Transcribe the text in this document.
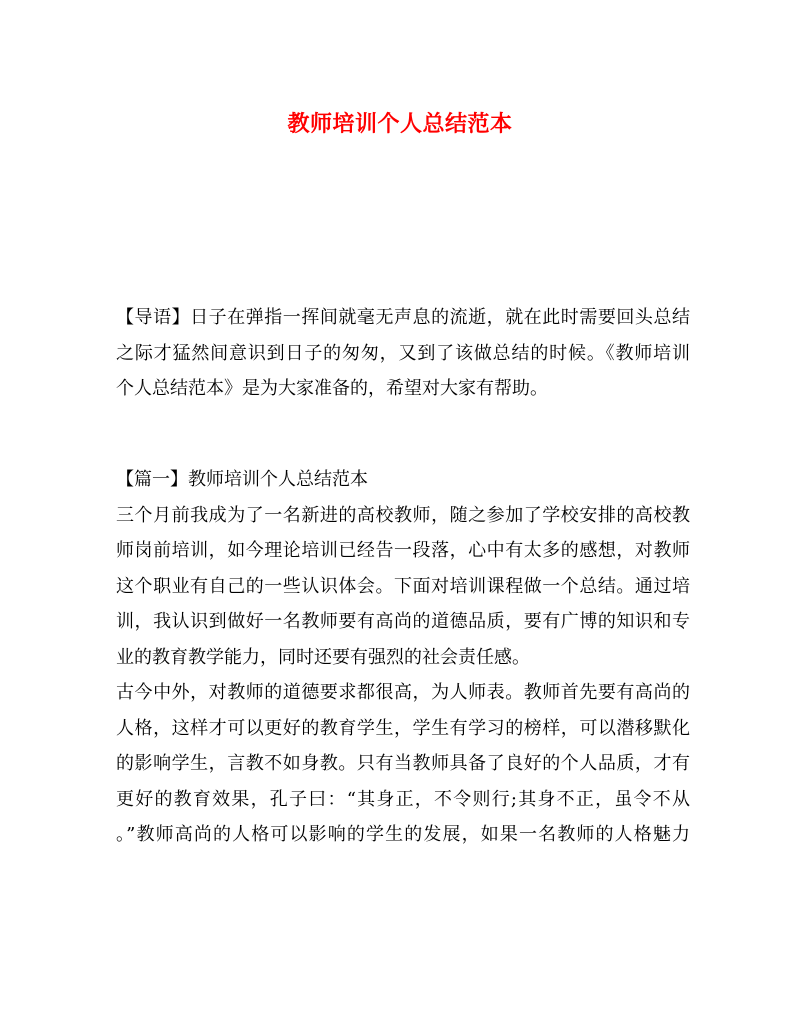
教师培训个人总结范本
【导语】日子在弹指一挥间就毫无声息的流逝，就在此时需要回头总结
之际才猛然间意识到日子的匆匆，又到了该做总结的时候。《教师培训
个人总结范本》是为大家准备的，希望对大家有帮助。
【篇一】教师培训个人总结范本
三个月前我成为了一名新进的高校教师，随之参加了学校安排的高校教
师岗前培训，如今理论培训已经告一段落，心中有太多的感想，对教师
这个职业有自己的一些认识体会。下面对培训课程做一个总结。通过培
训，我认识到做好一名教师要有高尚的道德品质，要有广博的知识和专
业的教育教学能力，同时还要有强烈的社会责任感。
古今中外，对教师的道德要求都很高，为人师表。教师首先要有高尚的
人格，这样才可以更好的教育学生，学生有学习的榜样，可以潜移默化
的影响学生，言教不如身教。只有当教师具备了良好的个人品质，才有
更好的教育效果，孔子曰：“其身正，不令则行;其身不正，虽令不从
。”教师高尚的人格可以影响的学生的发展，如果一名教师的人格魅力
